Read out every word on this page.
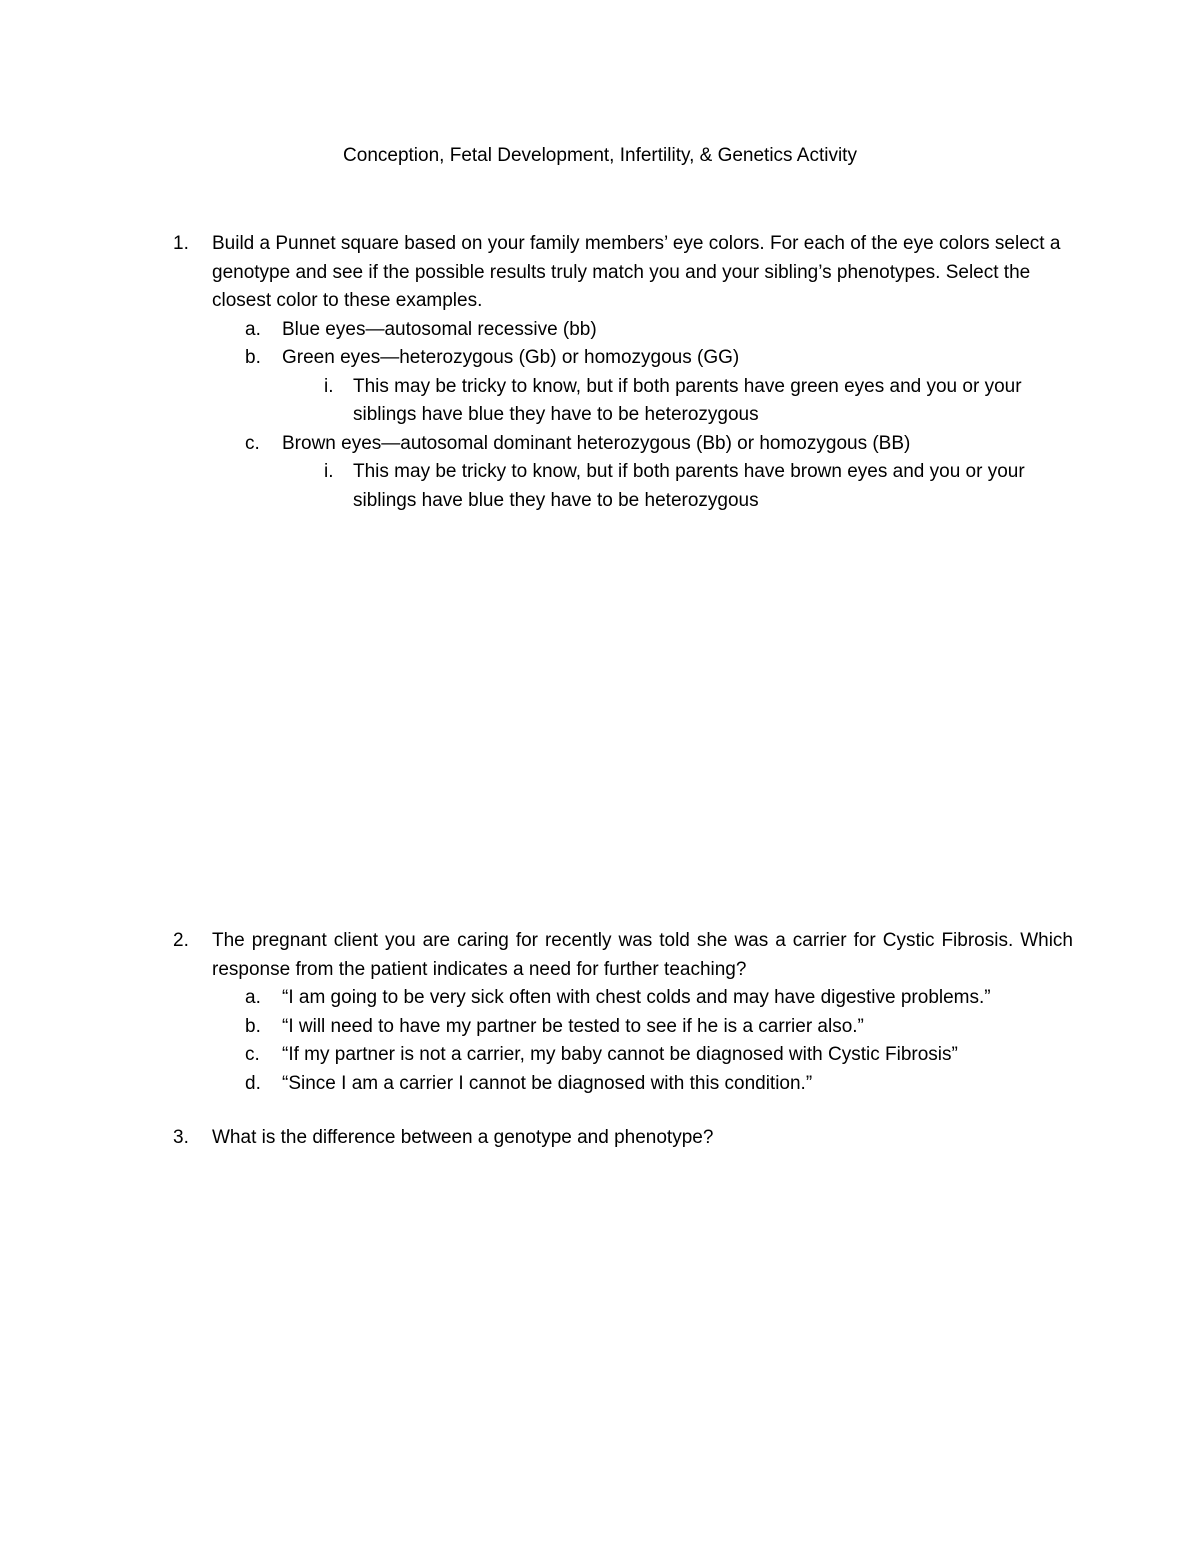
Conception, Fetal Development, Infertility, & Genetics Activity
1. Build a Punnet square based on your family members’ eye colors. For each of the eye colors select a genotype and see if the possible results truly match you and your sibling’s phenotypes. Select the closest color to these examples.
a. Blue eyes—autosomal recessive (bb)
b. Green eyes—heterozygous (Gb) or homozygous (GG)
i. This may be tricky to know, but if both parents have green eyes and you or your siblings have blue they have to be heterozygous
c. Brown eyes—autosomal dominant heterozygous (Bb) or homozygous (BB)
i. This may be tricky to know, but if both parents have brown eyes and you or your siblings have blue they have to be heterozygous
2. The pregnant client you are caring for recently was told she was a carrier for Cystic Fibrosis. Which response from the patient indicates a need for further teaching?
a. “I am going to be very sick often with chest colds and may have digestive problems.”
b. “I will need to have my partner be tested to see if he is a carrier also.”
c. “If my partner is not a carrier, my baby cannot be diagnosed with Cystic Fibrosis”
d. “Since I am a carrier I cannot be diagnosed with this condition.”
3. What is the difference between a genotype and phenotype?
